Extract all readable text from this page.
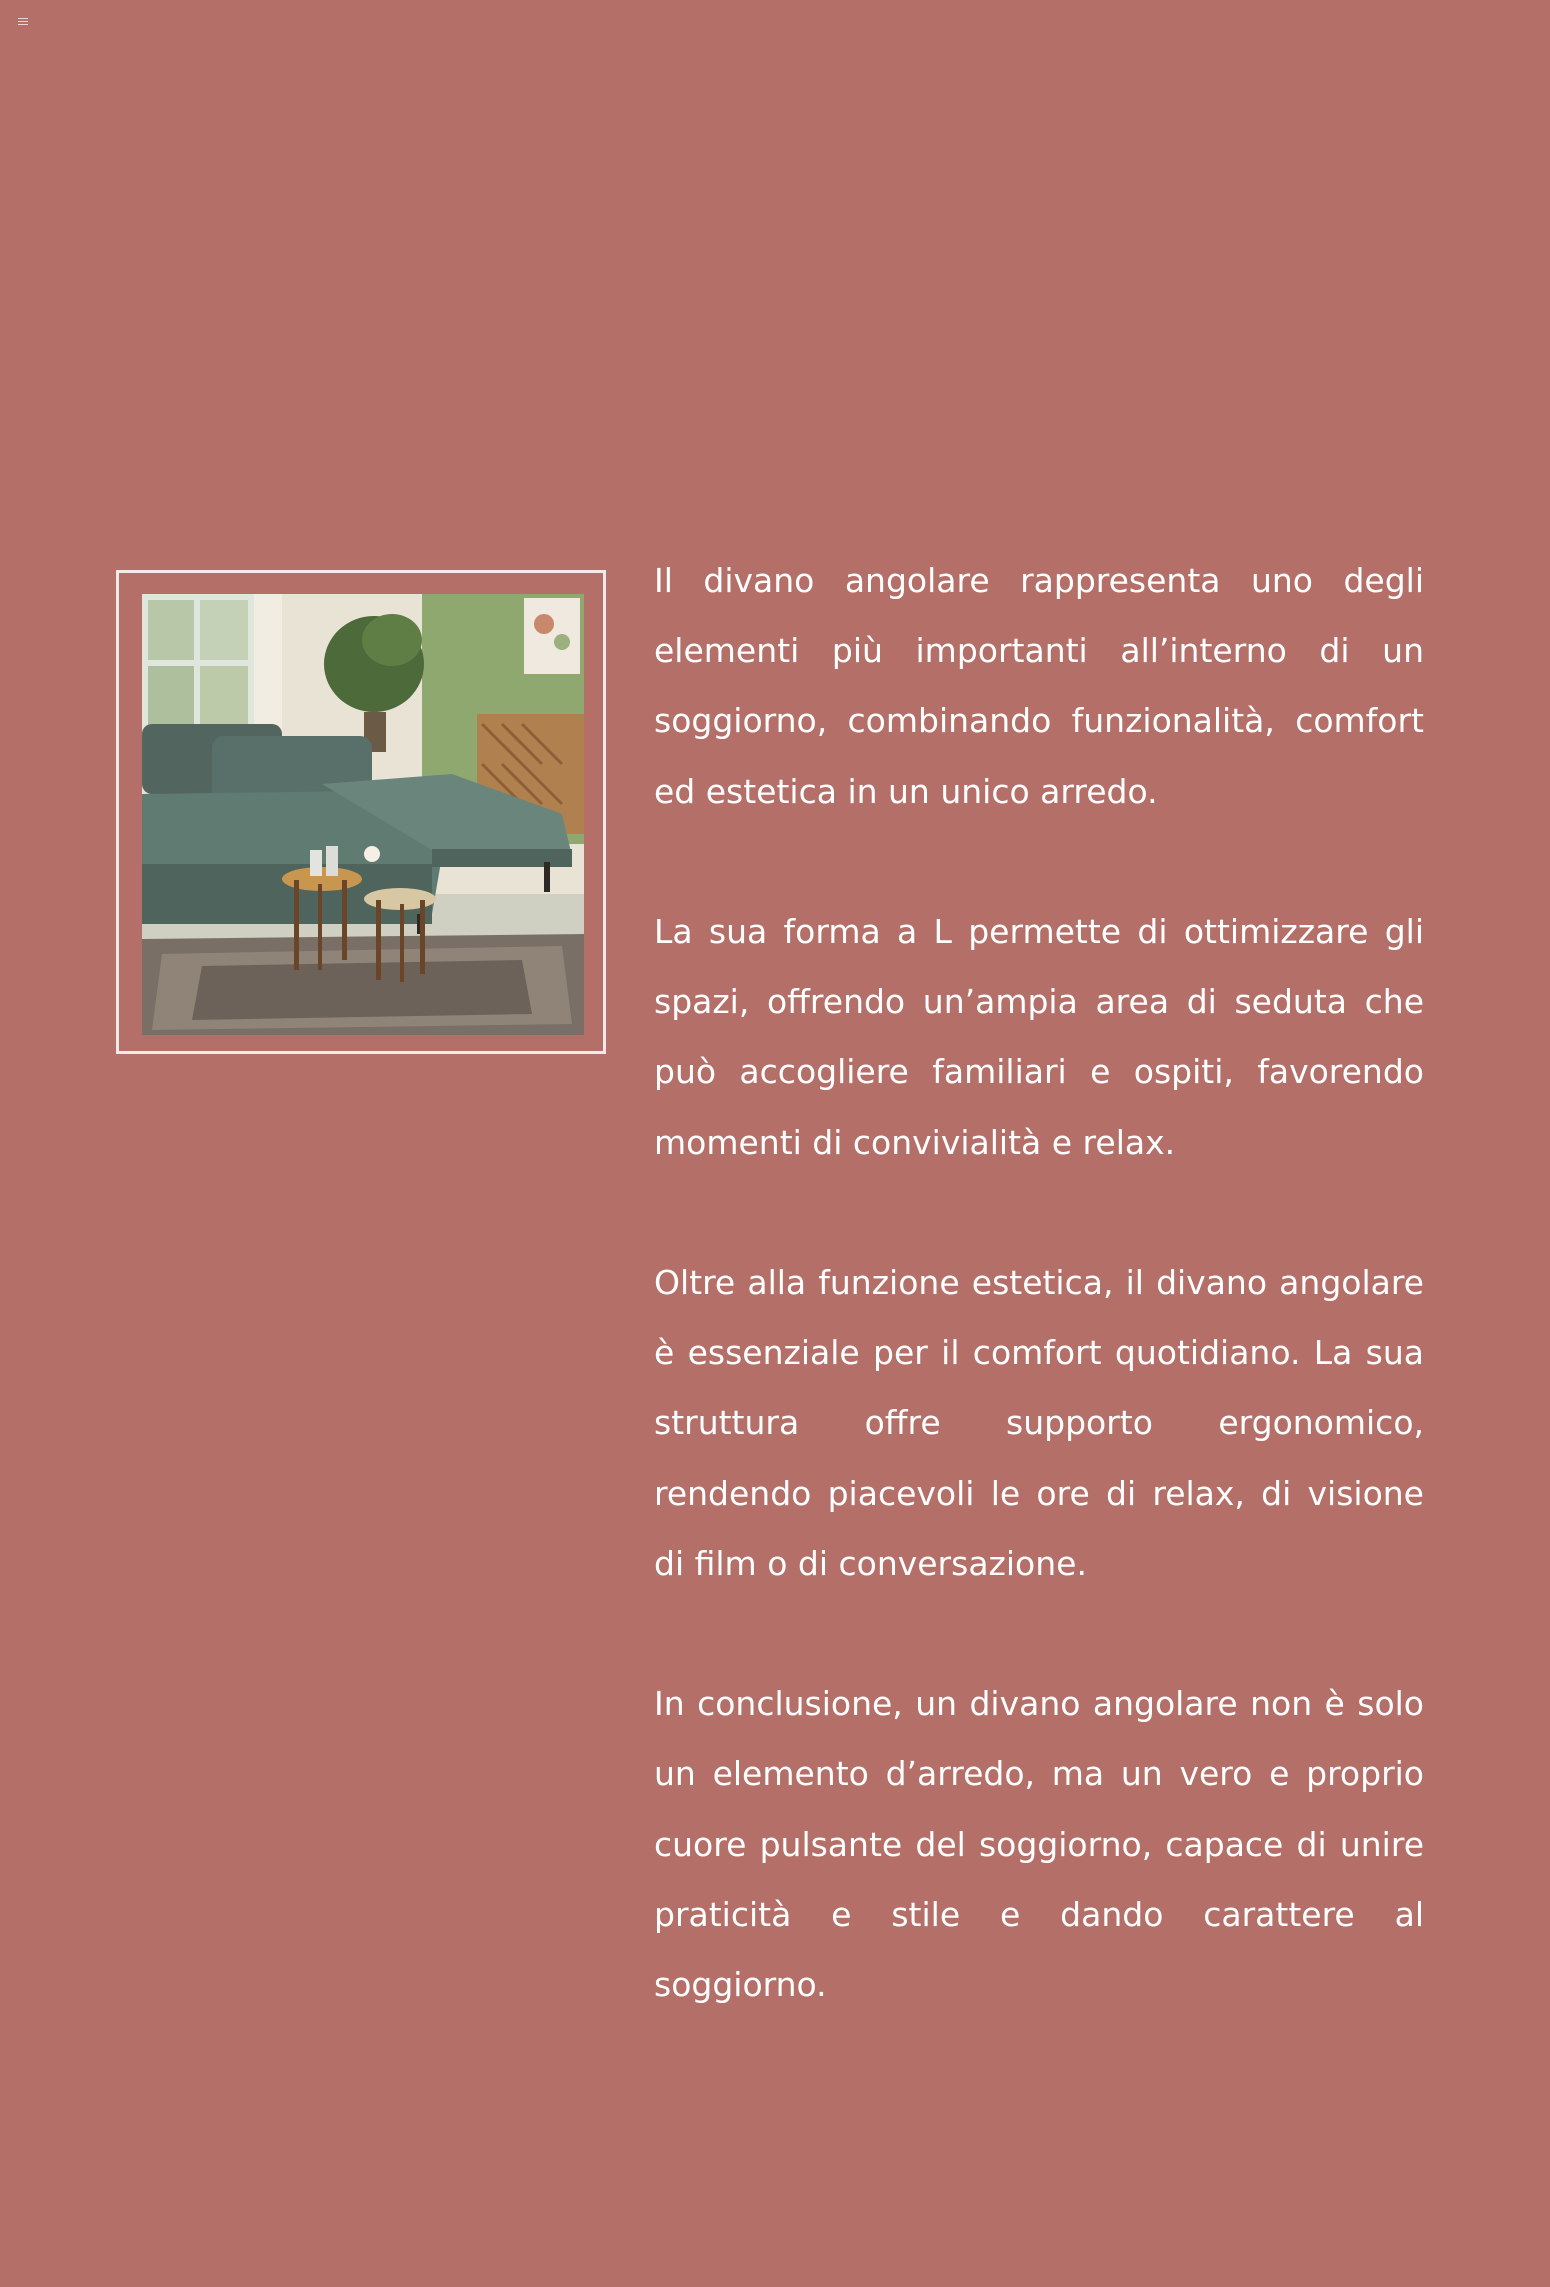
Il divano angolare rappresenta uno degli elementi più importanti all’interno di un soggiorno, combinando funzionalità, comfort ed estetica in un unico arredo.

La sua forma a L permette di ottimizzare gli spazi, offrendo un’ampia area di seduta che può accogliere familiari e ospiti, favorendo momenti di convivialità e relax.

Oltre alla funzione estetica, il divano angolare è essenziale per il comfort quotidiano. La sua struttura offre supporto ergonomico, rendendo piacevoli le ore di relax, di visione di film o di conversazione.

In conclusione, un divano angolare non è solo un elemento d’arredo, ma un vero e proprio cuore pulsante del soggiorno, capace di unire praticità e stile e dando carattere al soggiorno.
